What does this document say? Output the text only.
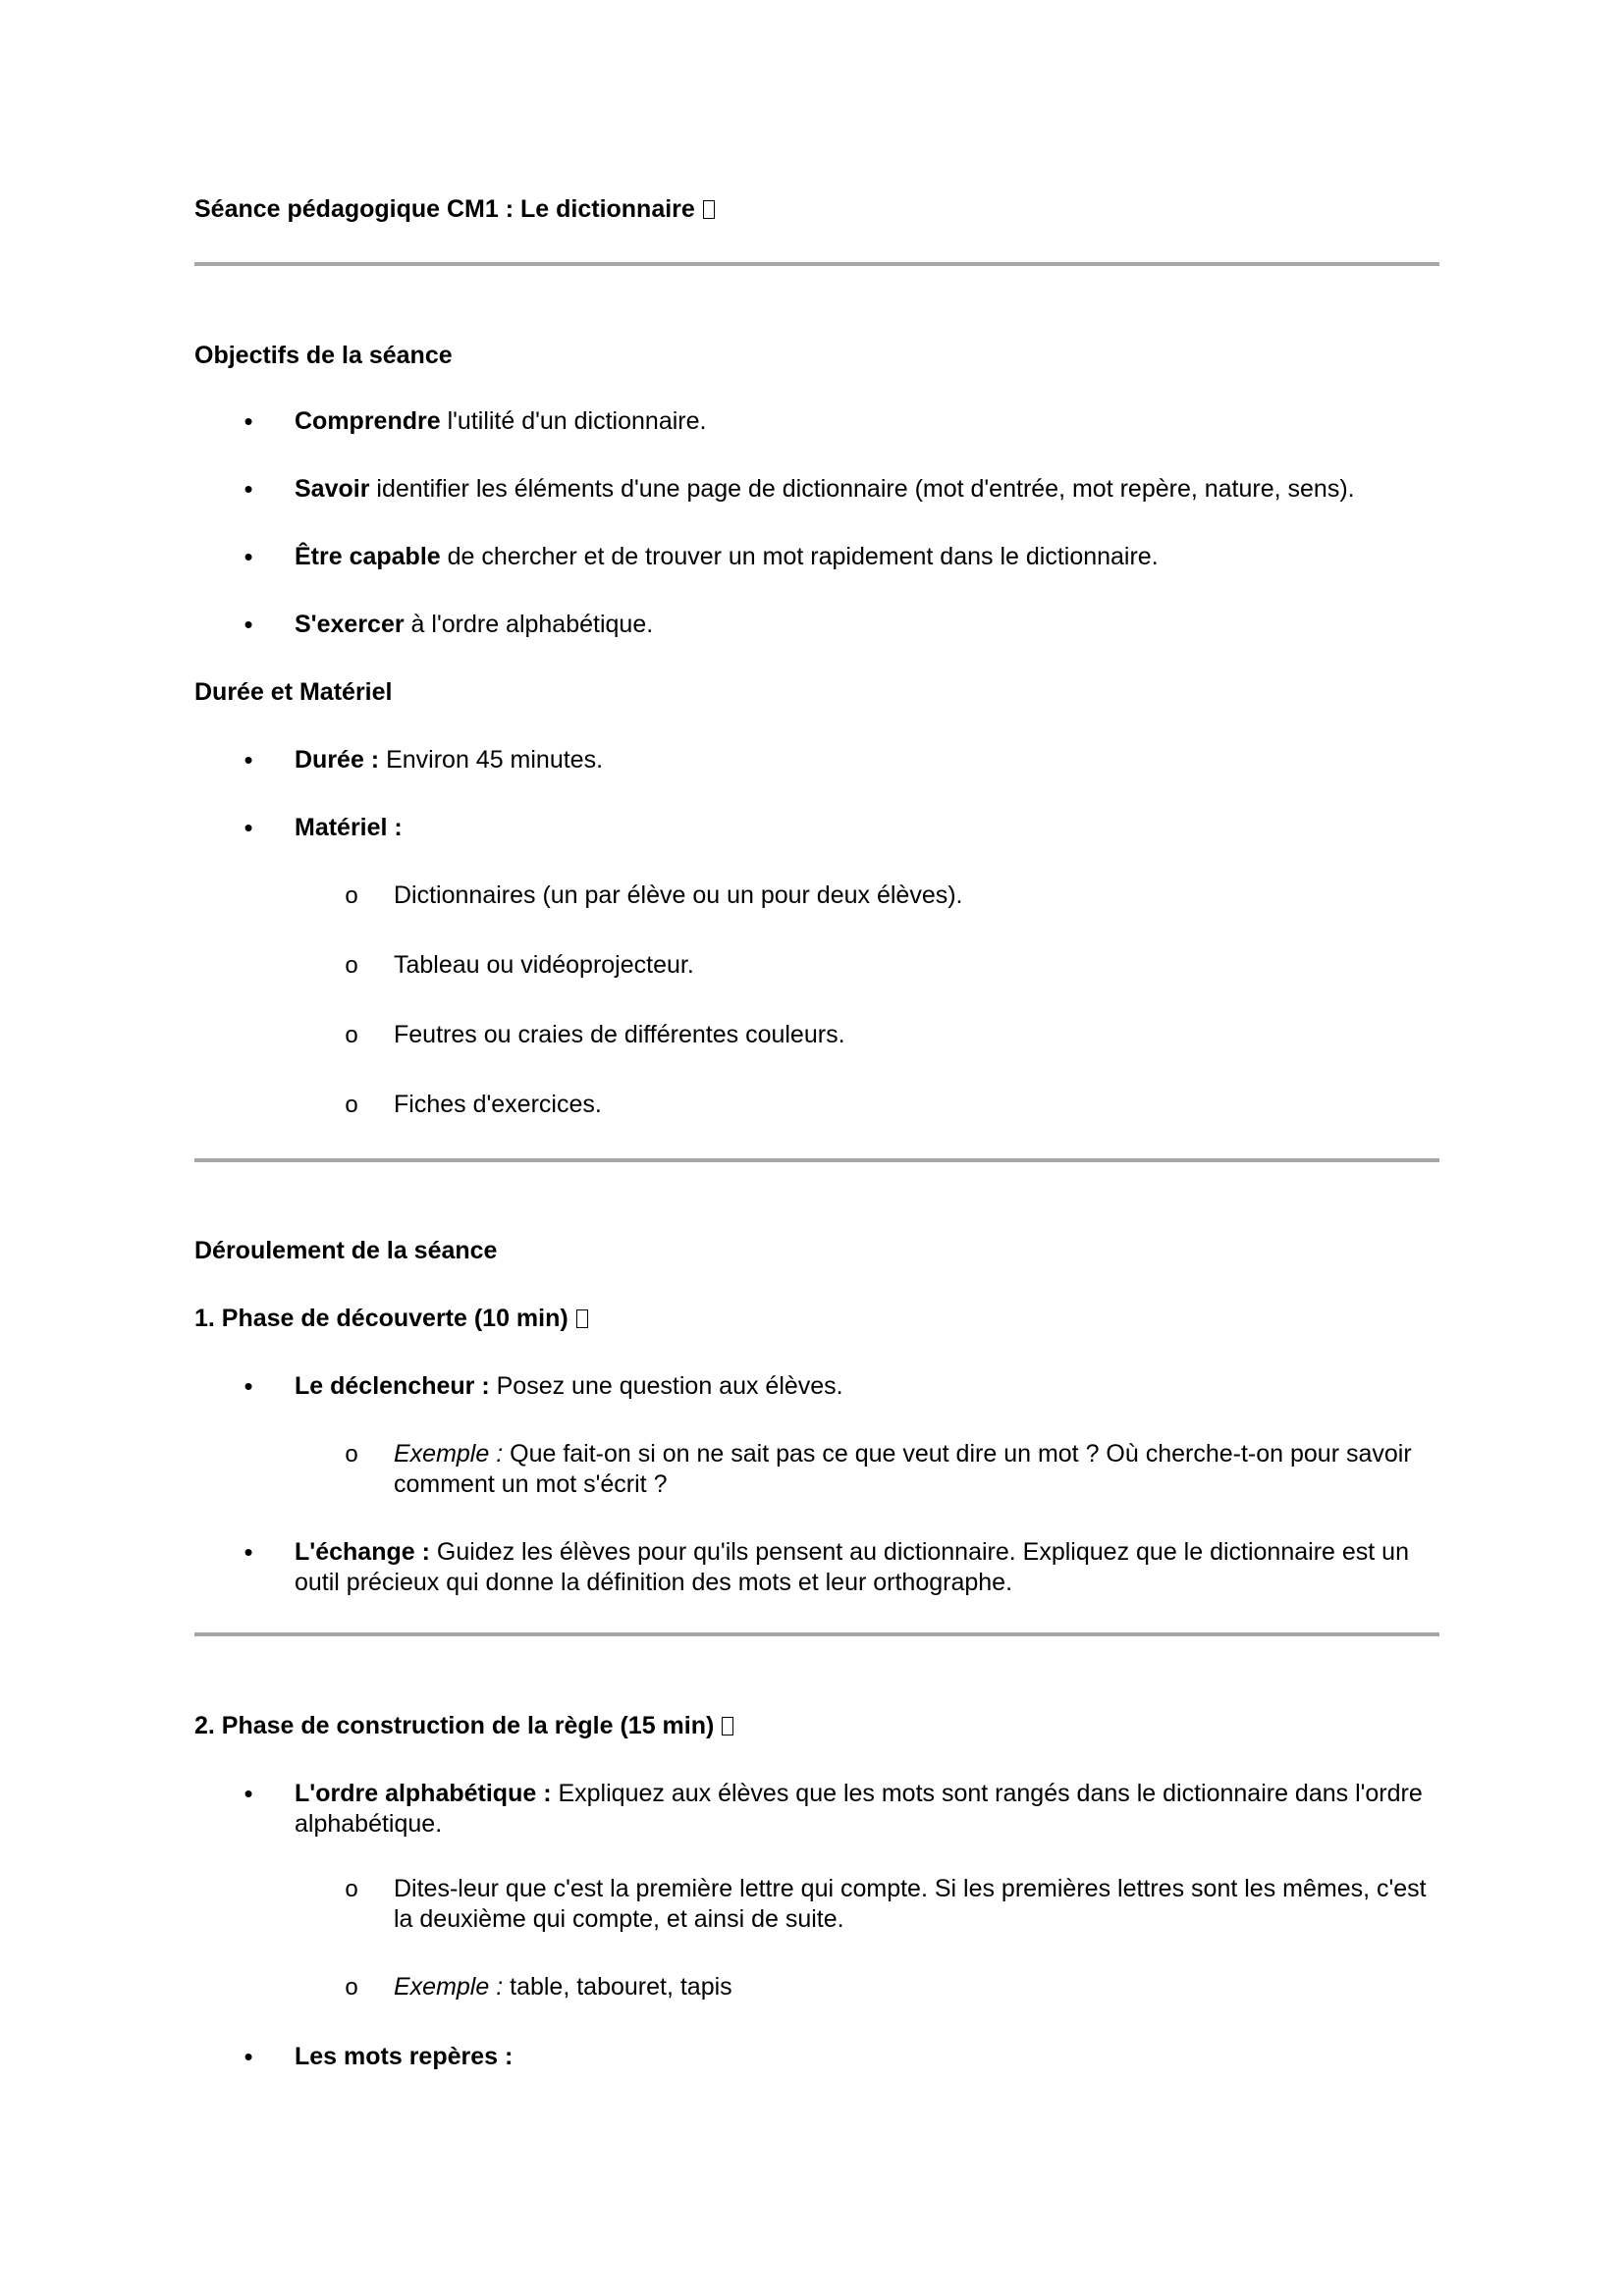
Séance pédagogique CM1 : Le dictionnaire
Objectifs de la séance
• Comprendre l'utilité d'un dictionnaire.
• Savoir identifier les éléments d'une page de dictionnaire (mot d'entrée, mot repère, nature, sens).
• Être capable de chercher et de trouver un mot rapidement dans le dictionnaire.
• S'exercer à l'ordre alphabétique.
Durée et Matériel
• Durée : Environ 45 minutes.
• Matériel :
o Dictionnaires (un par élève ou un pour deux élèves).
o Tableau ou vidéoprojecteur.
o Feutres ou craies de différentes couleurs.
o Fiches d'exercices.
Déroulement de la séance
1. Phase de découverte (10 min)
• Le déclencheur : Posez une question aux élèves.
o Exemple : Que fait-on si on ne sait pas ce que veut dire un mot ? Où cherche-t-on pour savoir comment un mot s'écrit ?
• L'échange : Guidez les élèves pour qu'ils pensent au dictionnaire. Expliquez que le dictionnaire est un outil précieux qui donne la définition des mots et leur orthographe.
2. Phase de construction de la règle (15 min)
• L'ordre alphabétique : Expliquez aux élèves que les mots sont rangés dans le dictionnaire dans l'ordre alphabétique.
o Dites-leur que c'est la première lettre qui compte. Si les premières lettres sont les mêmes, c'est la deuxième qui compte, et ainsi de suite.
o Exemple : table, tabouret, tapis
• Les mots repères :
